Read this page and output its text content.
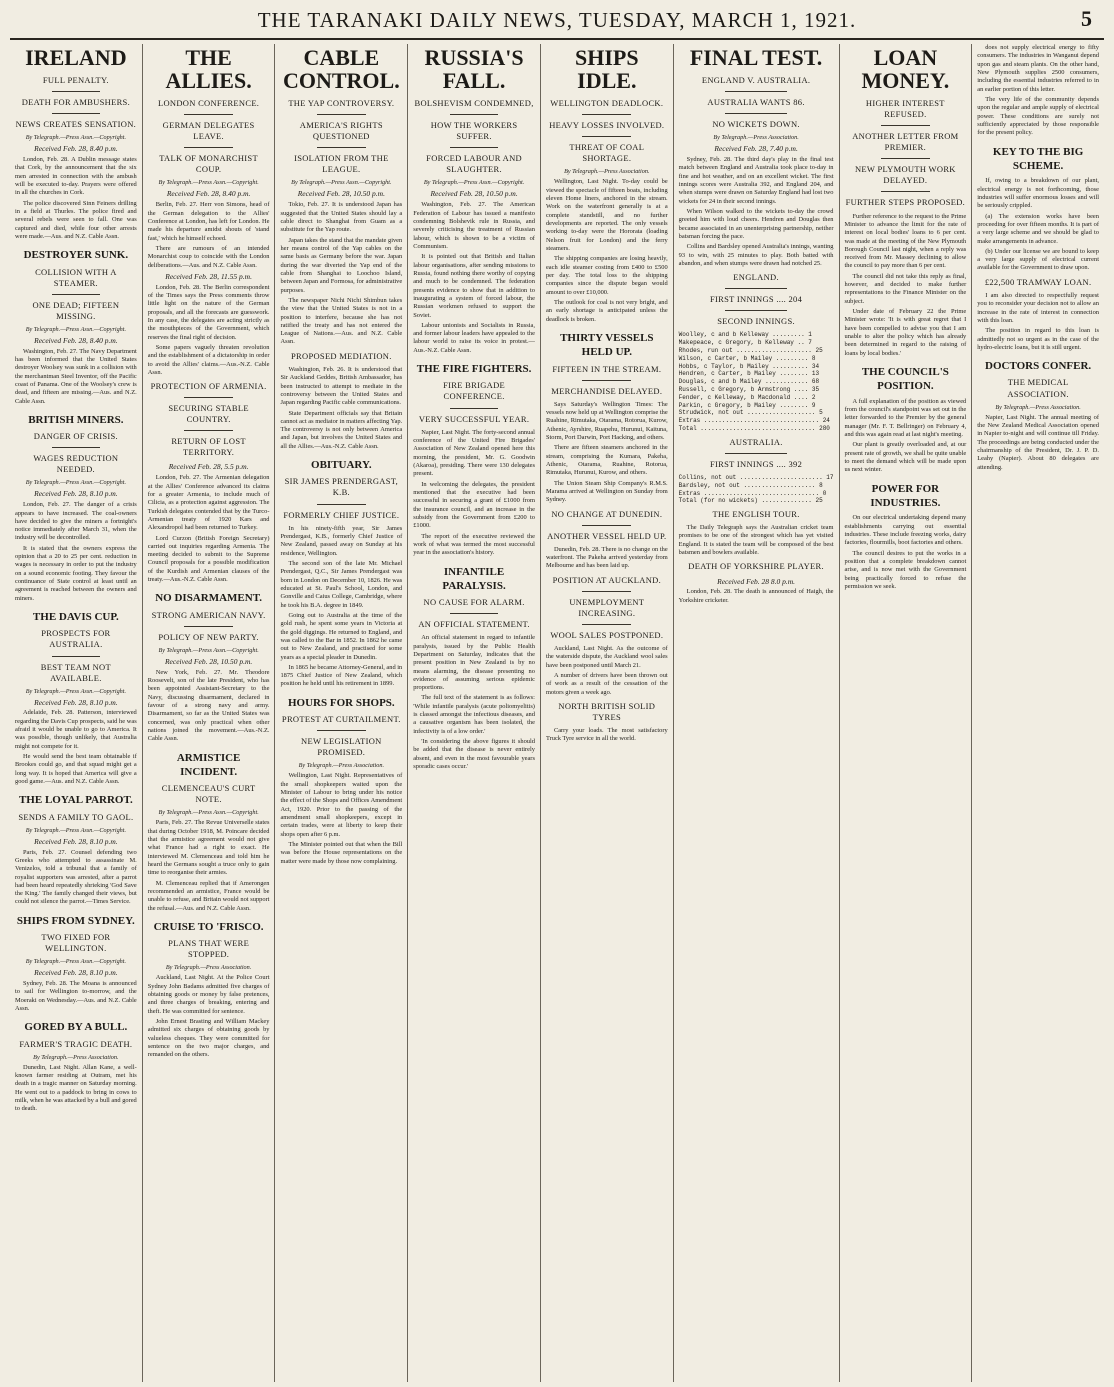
THE TARANAKI DAILY NEWS, TUESDAY, MARCH 1, 1921.	5
IRELAND
FULL PENALTY.
DEATH FOR AMBUSHERS.
NEWS CREATES SENSATION.
By Telegraph.—Press Assn.—Copyright.
Received Feb. 28, 8.40 p.m.

London, Feb. 28. A Dublin message states that Cork, by the announcement that the six men arrested in connection with the ambush will be executed to-day. Prayers were offered in all the churches in Cork.

The police discovered Sinn Feiners drilling in a field at Thurles. The police fired and several rebels were seen to fall. One was captured and died, while four other arrests were made.—Aus. and N.Z. Cable Assn.

DESTROYER SUNK.
COLLISION WITH A STEAMER.
ONE DEAD; FIFTEEN MISSING.
By Telegraph.—Press Assn.—Copyright.
Received Feb. 28, 8.40 p.m.

Washington, Feb. 27. The Navy Department has been informed that the United States destroyer Woolsey was sunk in a collision with the merchantman Steel Inventor, off the Pacific coast of Panama. One of the Woolsey's crew is dead, and fifteen are missing.—Aus. and N.Z. Cable Assn.

BRITISH MINERS.
DANGER OF CRISIS.
WAGES REDUCTION NEEDED.
By Telegraph.—Press Assn.—Copyright.
Received Feb. 28, 8.10 p.m.

London, Feb. 27. The danger of a crisis appears to have increased. The coal-owners have decided to give the miners a fortnight's notice immediately after March 31, when the industry will be decontrolled.

It is stated that the owners express the opinion that a 20 to 25 per cent. reduction in wages is necessary in order to put the industry on a sound economic footing. They favour the continuance of State control at least until an agreement is reached between the owners and miners.

THE DAVIS CUP.
PROSPECTS FOR AUSTRALIA.
BEST TEAM NOT AVAILABLE.
By Telegraph.—Press Assn.—Copyright.
Received Feb. 28, 8.10 p.m.

Adelaide, Feb. 28. Patterson, interviewed regarding the Davis Cup prospects, said he was afraid it would be unable to go to America. It was possible, though unlikely, that Australia might not compete for it.

He would send the best team obtainable if Brookes could go, and that squad might get a long way. It is hoped that America will give a good game.—Aus. and N.Z. Cable Assn.

THE LOYAL PARROT.
SENDS A FAMILY TO GAOL.
By Telegraph.—Press Assn.—Copyright.
Received Feb. 28, 8.10 p.m.

Paris, Feb. 27. Counsel defending two Greeks who attempted to assassinate M. Venizelos, told a tribunal that a family of royalist supporters was arrested, after a parrot had been heard repeatedly shrieking 'God Save the King.' The family changed their views, but could not silence the parrot.—Times Service.

SHIPS FROM SYDNEY.
TWO FIXED FOR WELLINGTON.
By Telegraph.—Press Assn.—Copyright.
Received Feb. 28, 8.10 p.m.

Sydney, Feb. 28. The Moana is announced to sail for Wellington to-morrow, and the Moeraki on Wednesday.—Aus. and N.Z. Cable Assn.

GORED BY A BULL.
FARMER'S TRAGIC DEATH.
By Telegraph.—Press Association.

Dunedin, Last Night. Allan Kane, a well-known farmer residing at Outram, met his death in a tragic manner on Saturday morning. He went out to a paddock to bring in cows to milk, when he was attacked by a bull and gored to death.

THE ALLIES.
LONDON CONFERENCE.
GERMAN DELEGATES LEAVE.
TALK OF MONARCHIST COUP.
By Telegraph.—Press Assn.—Copyright.
Received Feb. 28, 8.40 p.m.

Berlin, Feb. 27. Herr von Simons, head of the German delegation to the Allies' Conference at London, has left for London. He made his departure amidst shouts of 'stand fast,' which he himself echoed.

There are rumours of an intended Monarchist coup to coincide with the London deliberations.—Aus. and N.Z. Cable Assn.

Received Feb. 28, 11.55 p.m.

London, Feb. 28. The Berlin correspondent of the Times says the Press comments throw little light on the nature of the German proposals, and all the forecasts are guesswork. In any case, the delegates are acting strictly as the mouthpieces of the Government, which reserves the final right of decision.

Some papers vaguely threaten revolution and the establishment of a dictatorship in order to avoid the Allies' claims.—Aus.-N.Z. Cable Assn.

PROTECTION OF ARMENIA.
SECURING STABLE COUNTRY.
RETURN OF LOST TERRITORY.
Received Feb. 28, 5.5 p.m.

London, Feb. 27. The Armenian delegation at the Allies' Conference advanced its claims for a greater Armenia, to include much of Cilicia, as a protection against aggression. The Turkish delegates contended that by the Turco-Armenian treaty of 1920 Kars and Alexandropol had been returned to Turkey.

Lord Curzon (British Foreign Secretary) carried out inquiries regarding Armenia. The meeting decided to submit to the Supreme Council proposals for a possible modification of the Kurdish and Armenian clauses of the treaty.—Aus.-N.Z. Cable Assn.

NO DISARMAMENT.
STRONG AMERICAN NAVY.
POLICY OF NEW PARTY.
By Telegraph.—Press Assn.—Copyright.
Received Feb. 28, 10.50 p.m.

New York, Feb. 27. Mr. Theodore Roosevelt, son of the late President, who has been appointed Assistant-Secretary to the Navy, discussing disarmament, declared in favour of a strong navy and army. Disarmament, so far as the United States was concerned, was only practical when other nations joined the movement.—Aus.-N.Z. Cable Assn.

ARMISTICE INCIDENT.
CLEMENCEAU'S CURT NOTE.
By Telegraph.—Press Assn.—Copyright.

Paris, Feb. 27. The Revue Universelle states that during October 1918, M. Poincare decided that the armistice agreement would not give what France had a right to exact. He interviewed M. Clemenceau and told him he heard the Germans sought a truce only to gain time to reorganise their armies.

M. Clemenceau replied that if Amerongen recommended an armistice, France would be unable to refuse, and Britain would not support the refusal.—Aus. and N.Z. Cable Assn.

CRUISE TO 'FRISCO.
PLANS THAT WERE STOPPED.
By Telegraph.—Press Association.

Auckland, Last Night. At the Police Court Sydney John Badams admitted five charges of obtaining goods or money by false pretences, and three charges of breaking, entering and theft. He was committed for sentence.

John Ernest Brasting and William Mackey admitted six charges of obtaining goods by valueless cheques. They were committed for sentence on the two major charges, and remanded on the others.

CABLE CONTROL.
THE YAP CONTROVERSY.
AMERICA'S RIGHTS QUESTIONED
ISOLATION FROM THE LEAGUE.
By Telegraph.—Press Assn.—Copyright.
Received Feb. 28, 10.50 p.m.

Tokio, Feb. 27. It is understood Japan has suggested that the United States should lay a cable direct to Shanghai from Guam as a substitute for the Yap route.

Japan takes the stand that the mandate given her means control of the Yap cables on the same basis as Germany before the war. Japan during the war diverted the Yap end of the cable from Shanghai to Loochoo Island, between Japan and Formosa, for administrative purposes.

The newspaper Nichi Nichi Shimbun takes the view that the United States is not in a position to interfere, because she has not ratified the treaty and has not entered the League of Nations.—Aus. and N.Z. Cable Assn.

PROPOSED MEDIATION.

Washington, Feb. 26. It is understood that Sir Auckland Geddes, British Ambassador, has been instructed to attempt to mediate in the controversy between the United States and Japan regarding Pacific cable communications.

State Department officials say that Britain cannot act as mediator in matters affecting Yap. The controversy is not only between America and Japan, but involves the United States and all the Allies.—Aus.-N.Z. Cable Assn.

OBITUARY.
SIR JAMES PRENDERGAST, K.B.
FORMERLY CHIEF JUSTICE.

In his ninety-fifth year, Sir James Prendergast, K.B., formerly Chief Justice of New Zealand, passed away on Sunday at his residence, Wellington.

The second son of the late Mr. Michael Prendergast, Q.C., Sir James Prendergast was born in London on December 10, 1826. He was educated at St. Paul's School, London, and Gonville and Caius College, Cambridge, where he took his B.A. degree in 1849.

Going out to Australia at the time of the gold rush, he spent some years in Victoria at the gold diggings. He returned to England, and was called to the Bar in 1852. In 1862 he came out to New Zealand, and practised for some years as a special pleader in Dunedin.

In 1865 he became Attorney-General, and in 1875 Chief Justice of New Zealand, which position he held until his retirement in 1899.

HOURS FOR SHOPS.
PROTEST AT CURTAILMENT.
NEW LEGISLATION PROMISED.
By Telegraph.—Press Association.

Wellington, Last Night. Representatives of the small shopkeepers waited upon the Minister of Labour to bring under his notice the effect of the Shops and Offices Amendment Act, 1920. Prior to the passing of the amendment small shopkeepers, except in certain trades, were at liberty to keep their shops open after 6 p.m.

The Minister pointed out that when the Bill was before the House representations on the matter were made by those now complaining.

RUSSIA'S FALL.
BOLSHEVISM CONDEMNED,
HOW THE WORKERS SUFFER.
FORCED LABOUR AND SLAUGHTER.
By Telegraph.—Press Assn.—Copyright.
Received Feb. 28, 10.50 p.m.

Washington, Feb. 27. The American Federation of Labour has issued a manifesto condemning Bolshevik rule in Russia, and severely criticising the treatment of Russian labour, which is shown to be a victim of Communism.

It is pointed out that British and Italian labour organisations, after sending missions to Russia, found nothing there worthy of copying and much to be condemned. The federation presents evidence to show that in addition to inaugurating a system of forced labour, the Russian workmen refused to support the Soviet.

Labour unionists and Socialists in Russia, and former labour leaders have appealed to the labour world to raise its voice in protest.—Aus.-N.Z. Cable Assn.

THE FIRE FIGHTERS.
FIRE BRIGADE CONFERENCE.
VERY SUCCESSFUL YEAR.

Napier, Last Night. The forty-second annual conference of the United Fire Brigades' Association of New Zealand opened here this morning, the president, Mr. G. Goodwin (Akaroa), presiding. There were 130 delegates present.

In welcoming the delegates, the president mentioned that the executive had been successful in securing a grant of £1000 from the insurance council, and an increase in the subsidy from the Government from £200 to £1000.

The report of the executive reviewed the work of what was termed the most successful year in the association's history.

INFANTILE PARALYSIS.
NO CAUSE FOR ALARM.
AN OFFICIAL STATEMENT.

An official statement in regard to infantile paralysis, issued by the Public Health Department on Saturday, indicates that the present position in New Zealand is by no means alarming, the disease presenting no evidence of assuming serious epidemic proportions.

The full text of the statement is as follows: 'While infantile paralysis (acute poliomyelitis) is classed amongst the infectious diseases, and a causative organism has been isolated, the infectivity is of a low order.'

'In considering the above figures it should be added that the disease is never entirely absent, and even in the most favourable years sporadic cases occur.'

SHIPS IDLE.
WELLINGTON DEADLOCK.
HEAVY LOSSES INVOLVED.
THREAT OF COAL SHORTAGE.
By Telegraph.—Press Association.

Wellington, Last Night. To-day could be viewed the spectacle of fifteen boats, including eleven Home liners, anchored in the stream. Work on the waterfront generally is at a complete standstill, and no further developments are reported. The only vessels working to-day were the Hororata (loading Nelson fruit for London) and the ferry steamers.

The shipping companies are losing heavily, each idle steamer costing from £400 to £500 per day. The total loss to the shipping companies since the dispute began would amount to over £10,000.

The outlook for coal is not very bright, and an early shortage is anticipated unless the deadlock is broken.

THIRTY VESSELS HELD UP.
FIFTEEN IN THE STREAM.
MERCHANDISE DELAYED.

Says Saturday's Wellington Times: The vessels now held up at Wellington comprise the Ruahine, Rimutaka, Otarama, Rotorua, Kurow, Athenic, Ayrshire, Ruapehu, Hurunui, Kaituna, Storm, Port Darwin, Port Hacking, and others.

There are fifteen steamers anchored in the stream, comprising the Kumara, Pakeha, Athenic, Otarama, Ruahine, Rotorua, Rimutaka, Hurunui, Kurow, and others.

The Union Steam Ship Company's R.M.S. Marama arrived at Wellington on Sunday from Sydney.

NO CHANGE AT DUNEDIN.
ANOTHER VESSEL HELD UP.

Dunedin, Feb. 28. There is no change on the waterfront. The Pakeha arrived yesterday from Melbourne and has been laid up.

POSITION AT AUCKLAND.
UNEMPLOYMENT INCREASING.
WOOL SALES POSTPONED.

Auckland, Last Night. As the outcome of the waterside dispute, the Auckland wool sales have been postponed until March 21.

A number of drivers have been thrown out of work as a result of the cessation of the motors given a week ago.

NORTH BRITISH SOLID TYRES

Carry your loads. The most satisfactory Truck Tyre service in all the world.

FINAL TEST.
ENGLAND V. AUSTRALIA.
AUSTRALIA WANTS 86.
NO WICKETS DOWN.
By Telegraph.—Press Association.
Received Feb. 28, 7.40 p.m.

Sydney, Feb. 28. The third day's play in the final test match between England and Australia took place to-day in fine and hot weather, and on an excellent wicket. The first innings scores were Australia 392, and England 204, and when stumps were drawn on Saturday England had lost two wickets for 24 in their second innings.

When Wilson walked to the wickets to-day the crowd greeted him with loud cheers. Hendren and Douglas then became associated in an unenterprising partnership, neither batsman forcing the pace.

Collins and Bardsley opened Australia's innings, wanting 93 to win, with 25 minutes to play. Both batted with abandon, and when stumps were drawn had notched 25.

ENGLAND.
FIRST INNINGS .... 204
SECOND INNINGS.
Woolley, c and b Kelleway ......... 1
Makepeace, c Gregory, b Kelleway .. 7
Rhodes, run out ..................... 25
Wilson, c Carter, b Mailey ......... 8
Hobbs, c Taylor, b Mailey .......... 34
Hendren, c Carter, b Mailey ........ 13
Douglas, c and b Mailey ............ 68
Russell, c Gregory, b Armstrong .... 35
Fender, c Kelleway, b Macdonald .... 2
Parkin, c Gregory, b Mailey ........ 9
Strudwick, not out ................... 5
Extras ................................ 24
Total ................................ 280
AUSTRALIA.
FIRST INNINGS .... 392
Collins, not out ....................... 17
Bardsley, not out .................... 8
Extras ................................ 0
Total (for no wickets) .............. 25
THE ENGLISH TOUR.

The Daily Telegraph says the Australian cricket team promises to be one of the strongest which has yet visited England. It is stated the team will be composed of the best batsmen and bowlers available.

DEATH OF YORKSHIRE PLAYER.
Received Feb. 28 8.0 p.m.

London, Feb. 28. The death is announced of Haigh, the Yorkshire cricketer.

LOAN MONEY.
HIGHER INTEREST REFUSED.
ANOTHER LETTER FROM PREMIER.
NEW PLYMOUTH WORK DELAYED.
FURTHER STEPS PROPOSED.

Further reference to the request to the Prime Minister to advance the limit for the rate of interest on local bodies' loans to 6 per cent. was made at the meeting of the New Plymouth Borough Council last night, when a reply was received from Mr. Massey declining to allow the council to pay more than 6 per cent.

The council did not take this reply as final, however, and decided to make further representations to the Finance Minister on the subject.

Under date of February 22 the Prime Minister wrote: 'It is with great regret that I have been compelled to advise you that I am unable to alter the policy which has already been determined in regard to the raising of loans by local bodies.'

THE COUNCIL'S POSITION.

A full explanation of the position as viewed from the council's standpoint was set out in the letter forwarded to the Premier by the general manager (Mr. F. T. Bellringer) on February 4, and this was again read at last night's meeting.

Our plant is greatly overloaded and, at our present rate of growth, we shall be quite unable to meet the demand which will be made upon us next winter.

POWER FOR INDUSTRIES.

On our electrical undertaking depend many establishments carrying out essential industries. These include freezing works, dairy factories, flourmills, boot factories and others.

The council desires to put the works in a position that a complete breakdown cannot arise, and is now met with the Government being practically forced to refuse the permission we seek.

does not supply electrical energy to fifty consumers. The industries in Wanganui depend upon gas and steam plants. On the other hand, New Plymouth supplies 2500 consumers, including the essential industries referred to in an earlier portion of this letter.

The very life of the community depends upon the regular and ample supply of electrical power. These conditions are surely not sufficiently appreciated by those responsible for the present policy.

KEY TO THE BIG SCHEME.

If, owing to a breakdown of our plant, electrical energy is not forthcoming, those industries will suffer enormous losses and will be seriously crippled.

(a) The extension works have been proceeding for over fifteen months. It is part of a very large scheme and we should be glad to make arrangements in advance.

(b) Under our license we are bound to keep a very large supply of electrical current available for the Government to draw upon.

£22,500 TRAMWAY LOAN.

I am also directed to respectfully request you to reconsider your decision not to allow an increase in the rate of interest in connection with this loan.

The position in regard to this loan is admittedly not so urgent as in the case of the hydro-electric loans, but it is still urgent.

DOCTORS CONFER.
THE MEDICAL ASSOCIATION.
By Telegraph.—Press Association.

Napier, Last Night. The annual meeting of the New Zealand Medical Association opened in Napier to-night and will continue till Friday. The proceedings are being conducted under the chairmanship of the President, Dr. J. P. D. Leahy (Napier). About 80 delegates are attending.
